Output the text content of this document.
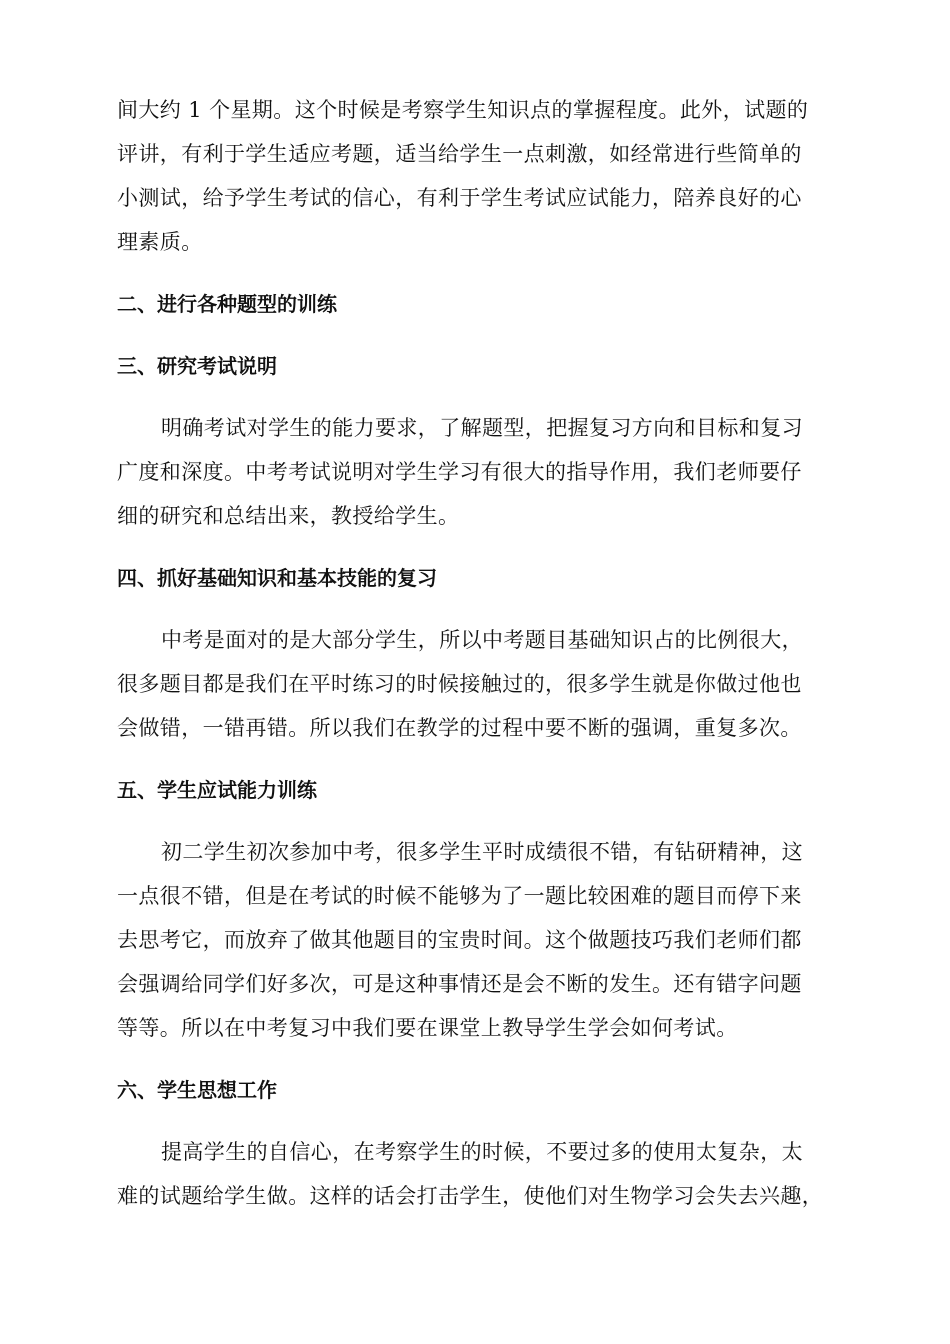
间大约 1 个星期。这个时候是考察学生知识点的掌握程度。此外，试题的
评讲，有利于学生适应考题，适当给学生一点刺激，如经常进行些简单的
小测试，给予学生考试的信心，有利于学生考试应试能力，陪养良好的心
理素质。
二、进行各种题型的训练
三、研究考试说明
明确考试对学生的能力要求，了解题型，把握复习方向和目标和复习
广度和深度。中考考试说明对学生学习有很大的指导作用，我们老师要仔
细的研究和总结出来，教授给学生。
四、抓好基础知识和基本技能的复习
中考是面对的是大部分学生，所以中考题目基础知识占的比例很大，
很多题目都是我们在平时练习的时候接触过的，很多学生就是你做过他也
会做错，一错再错。所以我们在教学的过程中要不断的强调，重复多次。
五、学生应试能力训练
初二学生初次参加中考，很多学生平时成绩很不错，有钻研精神，这
一点很不错，但是在考试的时候不能够为了一题比较困难的题目而停下来
去思考它，而放弃了做其他题目的宝贵时间。这个做题技巧我们老师们都
会强调给同学们好多次，可是这种事情还是会不断的发生。还有错字问题
等等。所以在中考复习中我们要在课堂上教导学生学会如何考试。
六、学生思想工作
提高学生的自信心，在考察学生的时候，不要过多的使用太复杂，太
难的试题给学生做。这样的话会打击学生，使他们对生物学习会失去兴趣，
